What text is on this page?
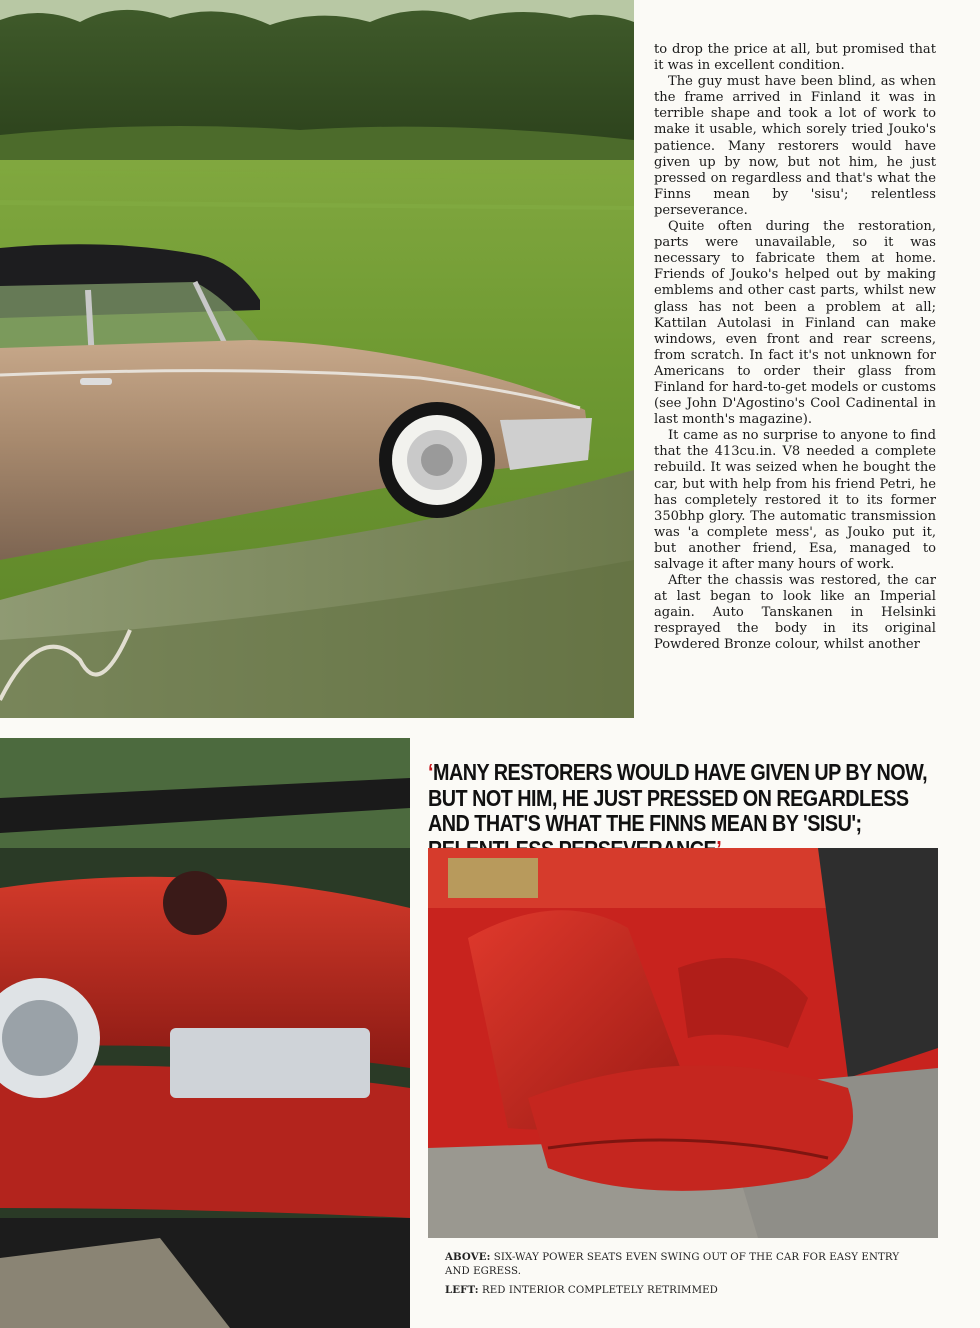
to drop the price at all, but promised that it was in excellent condition.

The guy must have been blind, as when the frame arrived in Finland it was in terrible shape and took a lot of work to make it usable, which sorely tried Jouko's patience. Many restorers would have given up by now, but not him, he just pressed on regardless and that's what the Finns mean by 'sisu'; relentless perseverance.

Quite often during the restoration, parts were unavailable, so it was necessary to fabricate them at home. Friends of Jouko's helped out by making emblems and other cast parts, whilst new glass has not been a problem at all; Kattilan Autolasi in Finland can make windows, even front and rear screens, from scratch. In fact it's not unknown for Americans to order their glass from Finland for hard-to-get models or customs (see John D'Agostino's Cool Cadinental in last month's magazine).

It came as no surprise to anyone to find that the 413cu.in. V8 needed a complete rebuild. It was seized when he bought the car, but with help from his friend Petri, he has completely restored it to its former 350bhp glory. The automatic transmission was 'a complete mess', as Jouko put it, but another friend, Esa, managed to salvage it after many hours of work.

After the chassis was restored, the car at last began to look like an Imperial again. Auto Tanskanen in Helsinki resprayed the body in its original Powdered Bronze colour, whilst another

‘MANY RESTORERS WOULD HAVE GIVEN UP BY NOW, BUT NOT HIM, HE JUST PRESSED ON REGARDLESS AND THAT'S WHAT THE FINNS MEAN BY 'SISU';
ABOVE: SIX-WAY POWER SEATS EVEN SWING OUT OF THE CAR FOR EASY ENTRY AND EGRESS.
LEFT: RED INTERIOR COMPLETELY RETRIMMED
